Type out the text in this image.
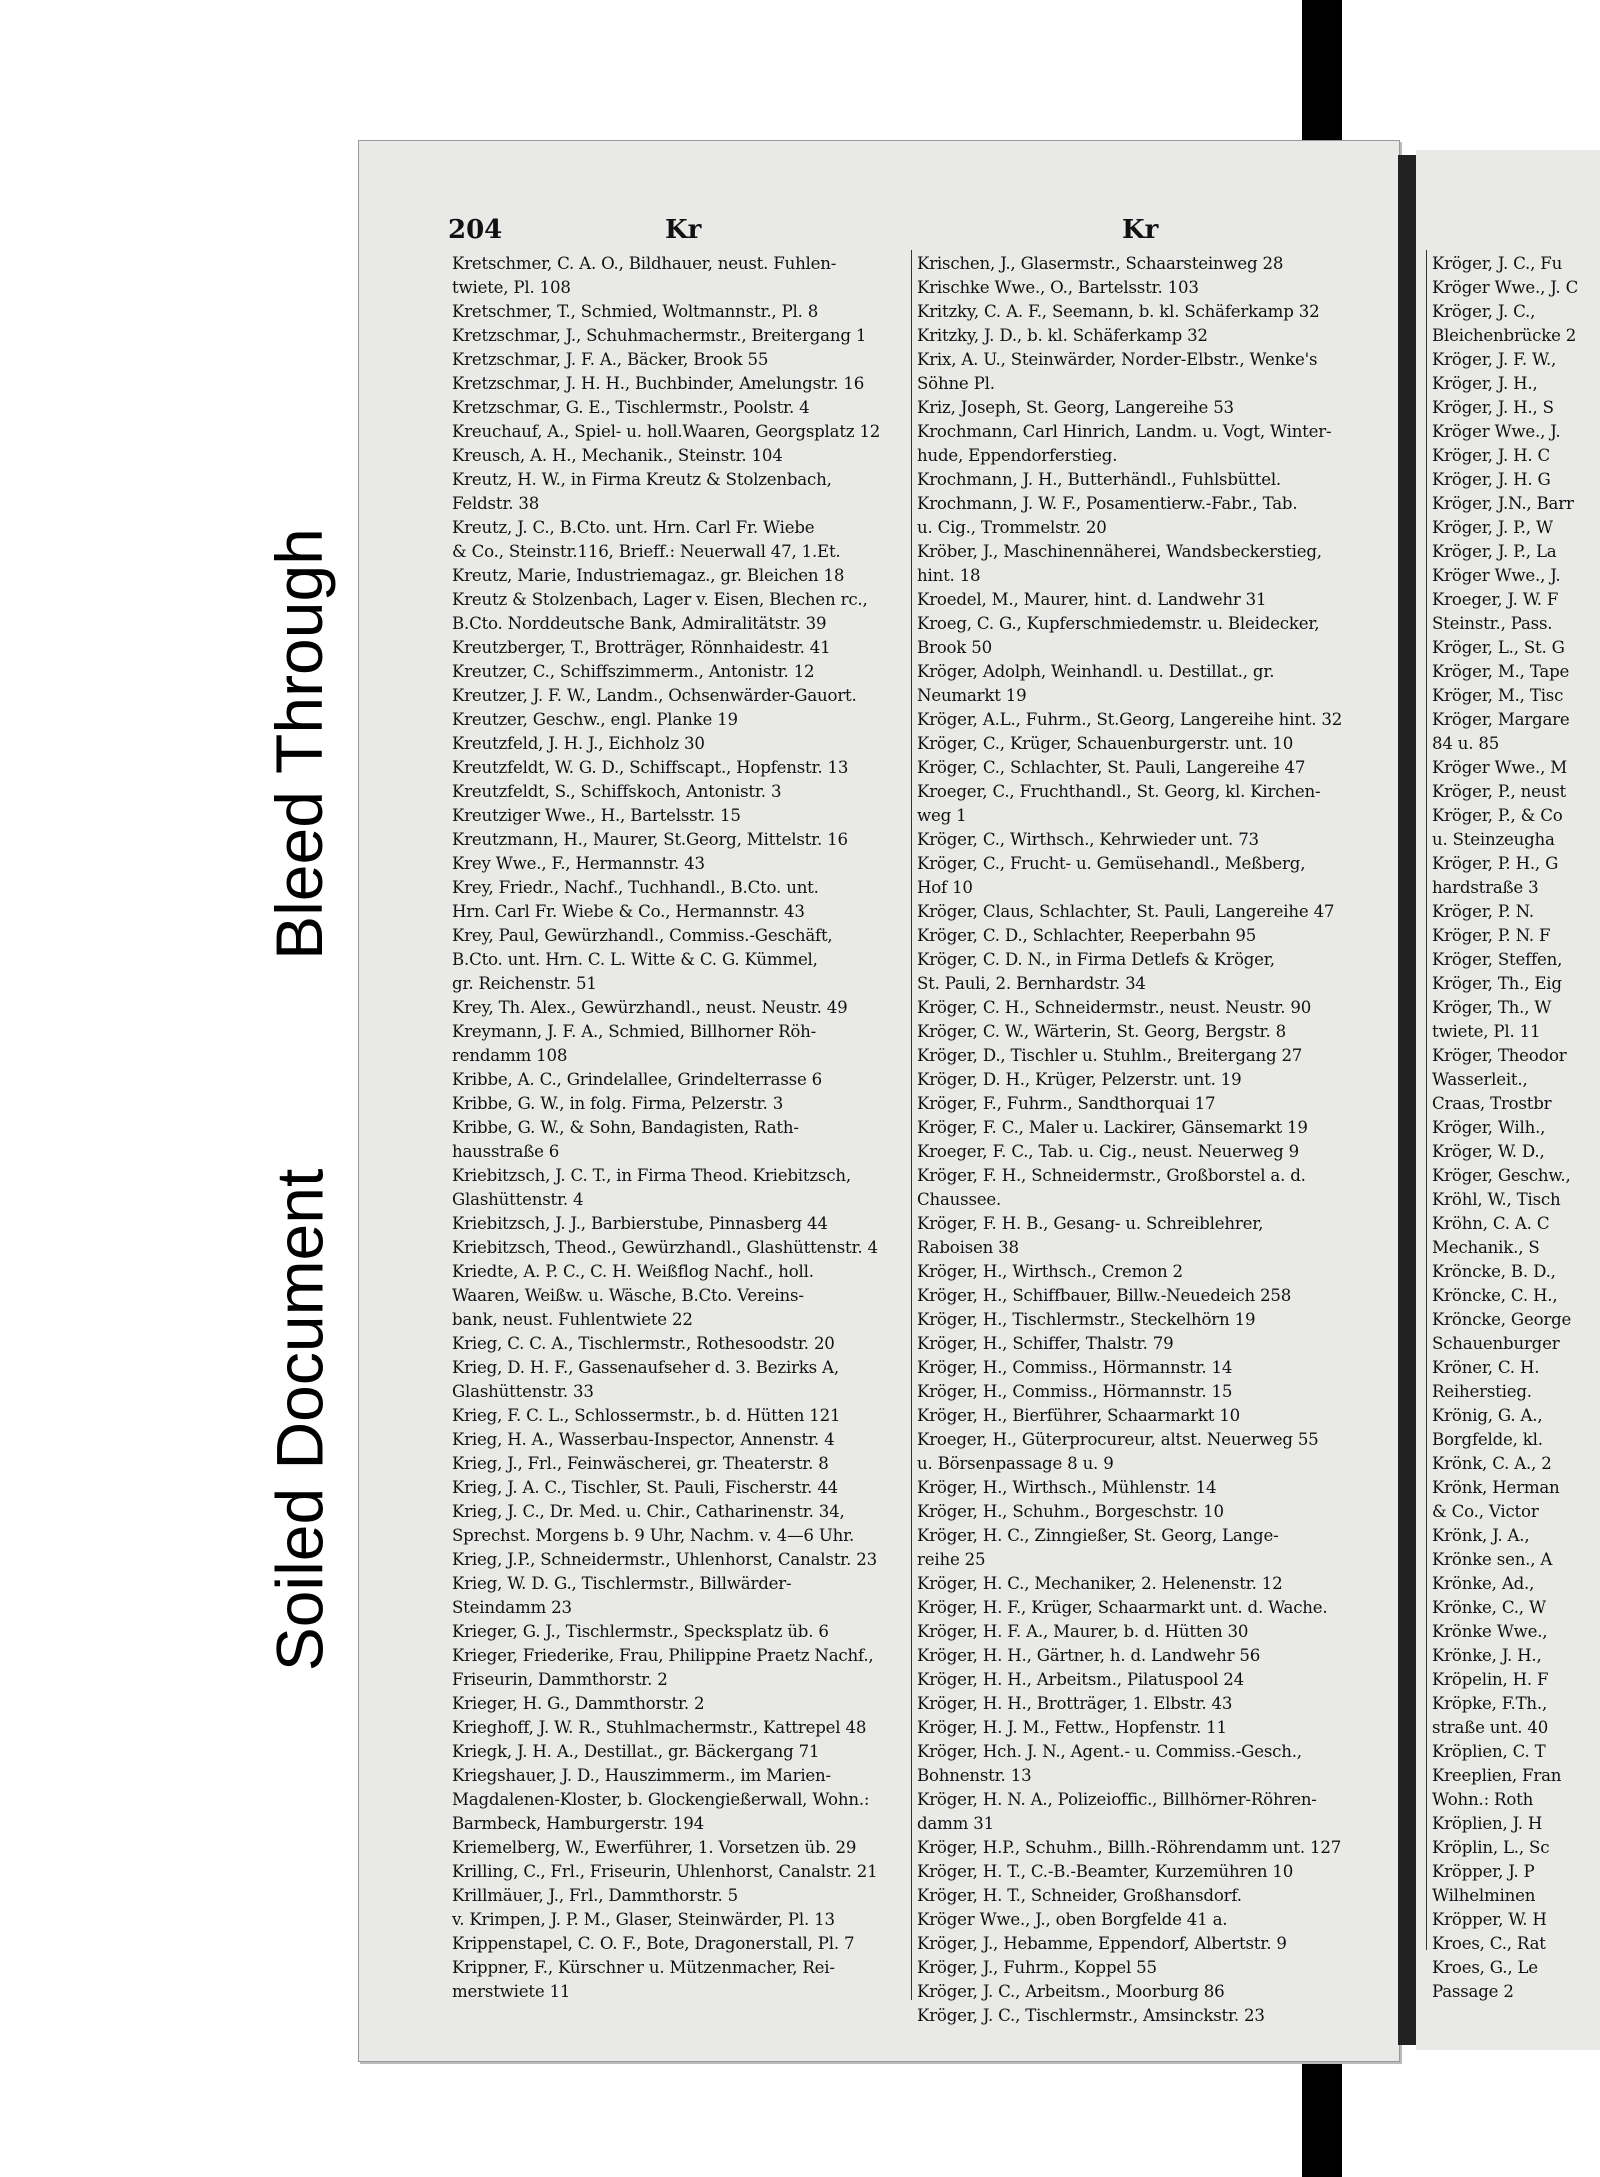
Bleed Through
Soiled Document
204	Kr	Kr
Kretschmer, C. A. O., Bildhauer, neust. Fuhlen-
twiete, Pl. 108
Kretschmer, T., Schmied, Woltmannstr., Pl. 8
Kretzschmar, J., Schuhmachermstr., Breitergang 1
Kretzschmar, J. F. A., Bäcker, Brook 55
Kretzschmar, J. H. H., Buchbinder, Amelungstr. 16
Kretzschmar, G. E., Tischlermstr., Poolstr. 4
Kreuchauf, A., Spiel- u. holl.Waaren, Georgsplatz 12
Kreusch, A. H., Mechanik., Steinstr. 104
Kreutz, H. W., in Firma Kreutz & Stolzenbach,
Feldstr. 38
Kreutz, J. C., B.Cto. unt. Hrn. Carl Fr. Wiebe
& Co., Steinstr.116, Brieff.: Neuerwall 47, 1.Et.
Kreutz, Marie, Industriemagaz., gr. Bleichen 18
Kreutz & Stolzenbach, Lager v. Eisen, Blechen rc.,
B.Cto. Norddeutsche Bank, Admiralitätstr. 39
Kreutzberger, T., Brotträger, Rönnhaidestr. 41
Kreutzer, C., Schiffszimmerm., Antonistr. 12
Kreutzer, J. F. W., Landm., Ochsenwärder-Gauort.
Kreutzer, Geschw., engl. Planke 19
Kreutzfeld, J. H. J., Eichholz 30
Kreutzfeldt, W. G. D., Schiffscapt., Hopfenstr. 13
Kreutzfeldt, S., Schiffskoch, Antonistr. 3
Kreutziger Wwe., H., Bartelsstr. 15
Kreutzmann, H., Maurer, St.Georg, Mittelstr. 16
Krey Wwe., F., Hermannstr. 43
Krey, Friedr., Nachf., Tuchhandl., B.Cto. unt.
Hrn. Carl Fr. Wiebe & Co., Hermannstr. 43
Krey, Paul, Gewürzhandl., Commiss.-Geschäft,
B.Cto. unt. Hrn. C. L. Witte & C. G. Kümmel,
gr. Reichenstr. 51
Krey, Th. Alex., Gewürzhandl., neust. Neustr. 49
Kreymann, J. F. A., Schmied, Billhorner Röh-
rendamm 108
Kribbe, A. C., Grindelallee, Grindelterrasse 6
Kribbe, G. W., in folg. Firma, Pelzerstr. 3
Kribbe, G. W., & Sohn, Bandagisten, Rath-
hausstraße 6
Kriebitzsch, J. C. T., in Firma Theod. Kriebitzsch,
Glashüttenstr. 4
Kriebitzsch, J. J., Barbierstube, Pinnasberg 44
Kriebitzsch, Theod., Gewürzhandl., Glashüttenstr. 4
Kriedte, A. P. C., C. H. Weißflog Nachf., holl.
Waaren, Weißw. u. Wäsche, B.Cto. Vereins-
bank, neust. Fuhlentwiete 22
Krieg, C. C. A., Tischlermstr., Rothesoodstr. 20
Krieg, D. H. F., Gassenaufseher d. 3. Bezirks A,
Glashüttenstr. 33
Krieg, F. C. L., Schlossermstr., b. d. Hütten 121
Krieg, H. A., Wasserbau-Inspector, Annenstr. 4
Krieg, J., Frl., Feinwäscherei, gr. Theaterstr. 8
Krieg, J. A. C., Tischler, St. Pauli, Fischerstr. 44
Krieg, J. C., Dr. Med. u. Chir., Catharinenstr. 34,
Sprechst. Morgens b. 9 Uhr, Nachm. v. 4—6 Uhr.
Krieg, J.P., Schneidermstr., Uhlenhorst, Canalstr. 23
Krieg, W. D. G., Tischlermstr., Billwärder-
Steindamm 23
Krieger, G. J., Tischlermstr., Specksplatz üb. 6
Krieger, Friederike, Frau, Philippine Praetz Nachf.,
Friseurin, Dammthorstr. 2
Krieger, H. G., Dammthorstr. 2
Krieghoff, J. W. R., Stuhlmachermstr., Kattrepel 48
Kriegk, J. H. A., Destillat., gr. Bäckergang 71
Kriegshauer, J. D., Hauszimmerm., im Marien-
Magdalenen-Kloster, b. Glockengießerwall, Wohn.:
Barmbeck, Hamburgerstr. 194
Kriemelberg, W., Ewerführer, 1. Vorsetzen üb. 29
Krilling, C., Frl., Friseurin, Uhlenhorst, Canalstr. 21
Krillmäuer, J., Frl., Dammthorstr. 5
v. Krimpen, J. P. M., Glaser, Steinwärder, Pl. 13
Krippenstapel, C. O. F., Bote, Dragonerstall, Pl. 7
Krippner, F., Kürschner u. Mützenmacher, Rei-
merstwiete 11
Krischen, J., Glasermstr., Schaarsteinweg 28
Krischke Wwe., O., Bartelsstr. 103
Kritzky, C. A. F., Seemann, b. kl. Schäferkamp 32
Kritzky, J. D., b. kl. Schäferkamp 32
Krix, A. U., Steinwärder, Norder-Elbstr., Wenke's
Söhne Pl.
Kriz, Joseph, St. Georg, Langereihe 53
Krochmann, Carl Hinrich, Landm. u. Vogt, Winter-
hude, Eppendorferstieg.
Krochmann, J. H., Butterhändl., Fuhlsbüttel.
Krochmann, J. W. F., Posamentierw.-Fabr., Tab.
u. Cig., Trommelstr. 20
Kröber, J., Maschinennäherei, Wandsbeckerstieg,
hint. 18
Kroedel, M., Maurer, hint. d. Landwehr 31
Kroeg, C. G., Kupferschmiedemstr. u. Bleidecker,
Brook 50
Kröger, Adolph, Weinhandl. u. Destillat., gr.
Neumarkt 19
Kröger, A.L., Fuhrm., St.Georg, Langereihe hint. 32
Kröger, C., Krüger, Schauenburgerstr. unt. 10
Kröger, C., Schlachter, St. Pauli, Langereihe 47
Kroeger, C., Fruchthandl., St. Georg, kl. Kirchen-
weg 1
Kröger, C., Wirthsch., Kehrwieder unt. 73
Kröger, C., Frucht- u. Gemüsehandl., Meßberg,
Hof 10
Kröger, Claus, Schlachter, St. Pauli, Langereihe 47
Kröger, C. D., Schlachter, Reeperbahn 95
Kröger, C. D. N., in Firma Detlefs & Kröger,
St. Pauli, 2. Bernhardstr. 34
Kröger, C. H., Schneidermstr., neust. Neustr. 90
Kröger, C. W., Wärterin, St. Georg, Bergstr. 8
Kröger, D., Tischler u. Stuhlm., Breitergang 27
Kröger, D. H., Krüger, Pelzerstr. unt. 19
Kröger, F., Fuhrm., Sandthorquai 17
Kröger, F. C., Maler u. Lackirer, Gänsemarkt 19
Kroeger, F. C., Tab. u. Cig., neust. Neuerweg 9
Kröger, F. H., Schneidermstr., Großborstel a. d.
Chaussee.
Kröger, F. H. B., Gesang- u. Schreiblehrer,
Raboisen 38
Kröger, H., Wirthsch., Cremon 2
Kröger, H., Schiffbauer, Billw.-Neuedeich 258
Kröger, H., Tischlermstr., Steckelhörn 19
Kröger, H., Schiffer, Thalstr. 79
Kröger, H., Commiss., Hörmannstr. 14
Kröger, H., Commiss., Hörmannstr. 15
Kröger, H., Bierführer, Schaarmarkt 10
Kroeger, H., Güterprocureur, altst. Neuerweg 55
u. Börsenpassage 8 u. 9
Kröger, H., Wirthsch., Mühlenstr. 14
Kröger, H., Schuhm., Borgeschstr. 10
Kröger, H. C., Zinngießer, St. Georg, Lange-
reihe 25
Kröger, H. C., Mechaniker, 2. Helenenstr. 12
Kröger, H. F., Krüger, Schaarmarkt unt. d. Wache.
Kröger, H. F. A., Maurer, b. d. Hütten 30
Kröger, H. H., Gärtner, h. d. Landwehr 56
Kröger, H. H., Arbeitsm., Pilatuspool 24
Kröger, H. H., Brotträger, 1. Elbstr. 43
Kröger, H. J. M., Fettw., Hopfenstr. 11
Kröger, Hch. J. N., Agent.- u. Commiss.-Gesch.,
Bohnenstr. 13
Kröger, H. N. A., Polizeioffic., Billhörner-Röhren-
damm 31
Kröger, H.P., Schuhm., Billh.-Röhrendamm unt. 127
Kröger, H. T., C.-B.-Beamter, Kurzemühren 10
Kröger, H. T., Schneider, Großhansdorf.
Kröger Wwe., J., oben Borgfelde 41 a.
Kröger, J., Hebamme, Eppendorf, Albertstr. 9
Kröger, J., Fuhrm., Koppel 55
Kröger, J. C., Arbeitsm., Moorburg 86
Kröger, J. C., Tischlermstr., Amsinckstr. 23
Kröger, J. C., Fu
Kröger Wwe., J. C
Kröger, J. C.,
Bleichenbrücke 2
Kröger, J. F. W.,
Kröger, J. H.,
Kröger, J. H., S
Kröger Wwe., J.
Kröger, J. H. C
Kröger, J. H. G
Kröger, J.N., Barr
Kröger, J. P., W
Kröger, J. P., La
Kröger Wwe., J.
Kroeger, J. W. F
Steinstr., Pass.
Kröger, L., St. G
Kröger, M., Tape
Kröger, M., Tisc
Kröger, Margare
84 u. 85
Kröger Wwe., M
Kröger, P., neust
Kröger, P., & Co
u. Steinzeugha
Kröger, P. H., G
hardstraße 3
Kröger, P. N.
Kröger, P. N. F
Kröger, Steffen,
Kröger, Th., Eig
Kröger, Th., W
twiete, Pl. 11
Kröger, Theodor
Wasserleit.,
Craas, Trostbr
Kröger, Wilh.,
Kröger, W. D.,
Kröger, Geschw.,
Kröhl, W., Tisch
Kröhn, C. A. C
Mechanik., S
Kröncke, B. D.,
Kröncke, C. H.,
Kröncke, George
Schauenburger
Kröner, C. H.
Reiherstieg.
Krönig, G. A.,
Borgfelde, kl.
Krönk, C. A., 2
Krönk, Herman
& Co., Victor
Krönk, J. A.,
Krönke sen., A
Krönke, Ad.,
Krönke, C., W
Krönke Wwe.,
Krönke, J. H.,
Kröpelin, H. F
Kröpke, F.Th.,
straße unt. 40
Kröplien, C. T
Kreeplien, Fran
Wohn.: Roth
Kröplien, J. H
Kröplin, L., Sc
Kröpper, J. P
Wilhelminen
Kröpper, W. H
Kroes, C., Rat
Kroes, G., Le
Passage 2
